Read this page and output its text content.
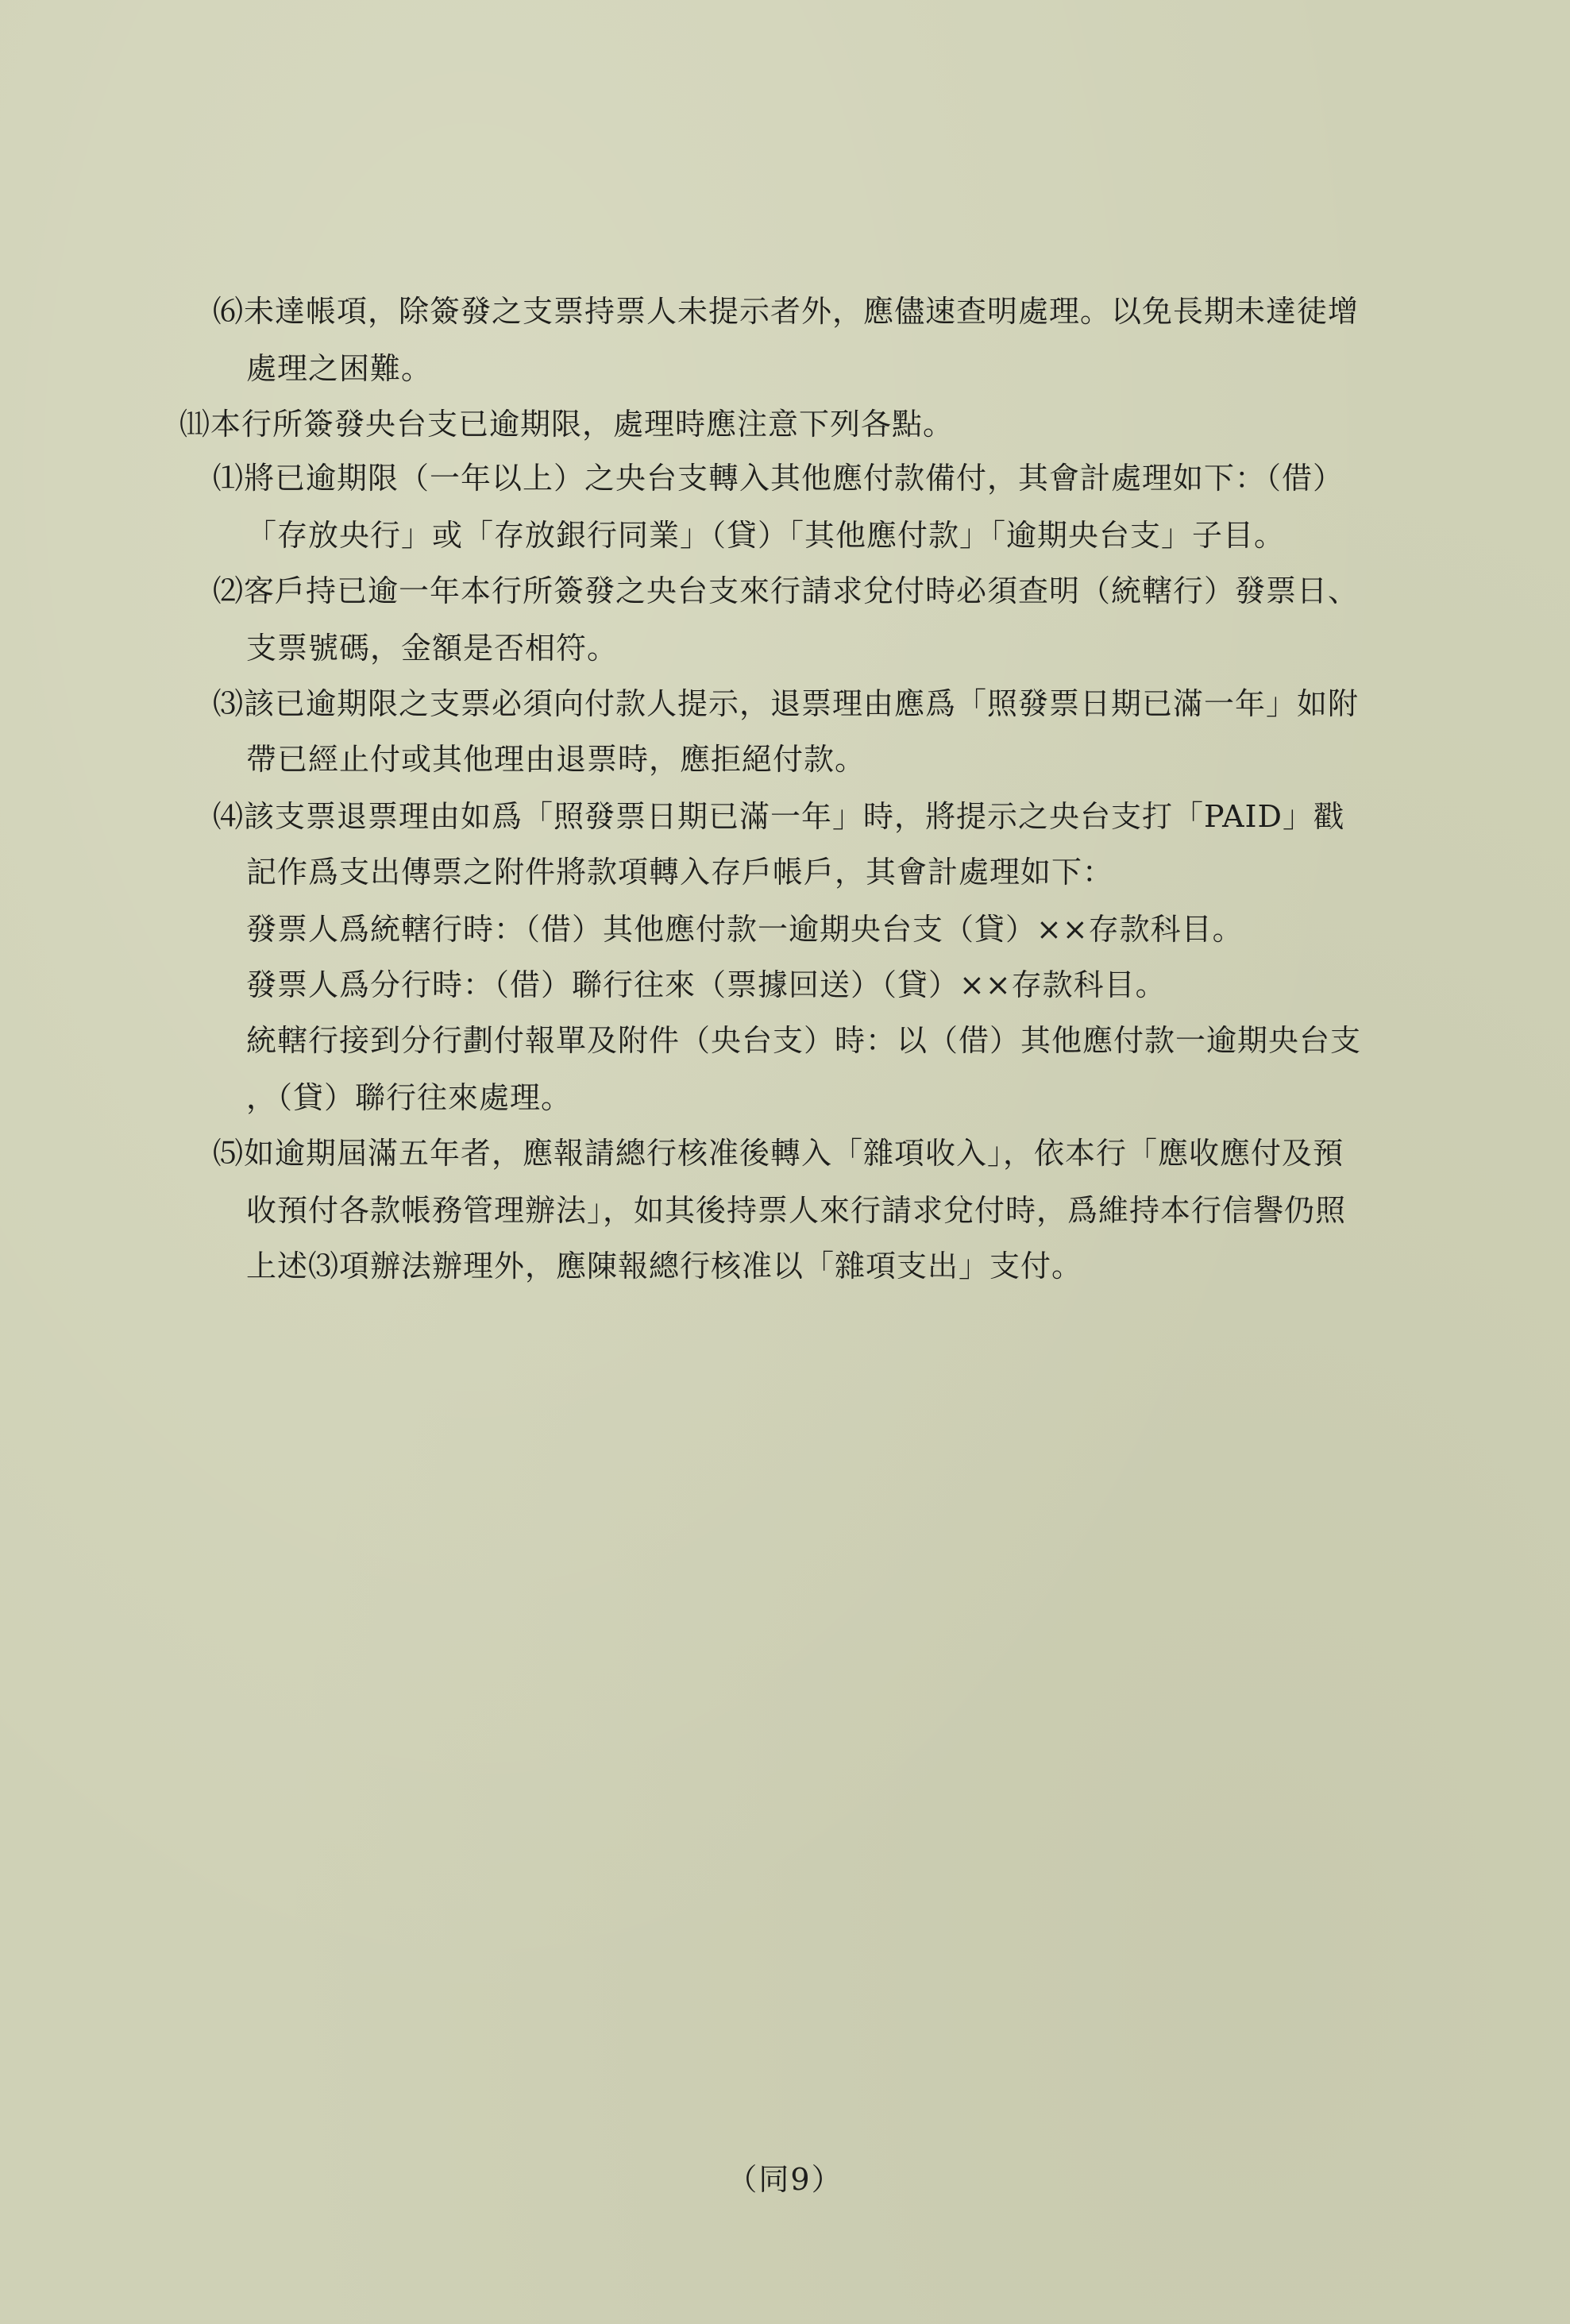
⑹未達帳項，除簽發之支票持票人未提示者外，應儘速查明處理。以免長期未達徒增
處理之困難。
⑾本行所簽發央台支已逾期限，處理時應注意下列各點。
⑴將已逾期限（一年以上）之央台支轉入其他應付款備付，其會計處理如下：（借）
「存放央行」或「存放銀行同業」（貸）「其他應付款」「逾期央台支」子目。
⑵客戶持已逾一年本行所簽發之央台支來行請求兌付時必須查明（統轄行）發票日、
支票號碼，金額是否相符。
⑶該已逾期限之支票必須向付款人提示，退票理由應爲「照發票日期已滿一年」如附
帶已經止付或其他理由退票時，應拒絕付款。
⑷該支票退票理由如爲「照發票日期已滿一年」時，將提示之央台支打「PAID」戳
記作爲支出傳票之附件將款項轉入存戶帳戶，其會計處理如下：
發票人爲統轄行時：（借）其他應付款一逾期央台支（貸）××存款科目。
發票人爲分行時：（借）聯行往來（票據回送）（貸）××存款科目。
統轄行接到分行劃付報單及附件（央台支）時：以（借）其他應付款一逾期央台支
，（貸）聯行往來處理。
⑸如逾期屆滿五年者，應報請總行核准後轉入「雜項收入」，依本行「應收應付及預
收預付各款帳務管理辦法」，如其後持票人來行請求兌付時，爲維持本行信譽仍照
上述⑶項辦法辦理外，應陳報總行核准以「雜項支出」支付。
（同9）
